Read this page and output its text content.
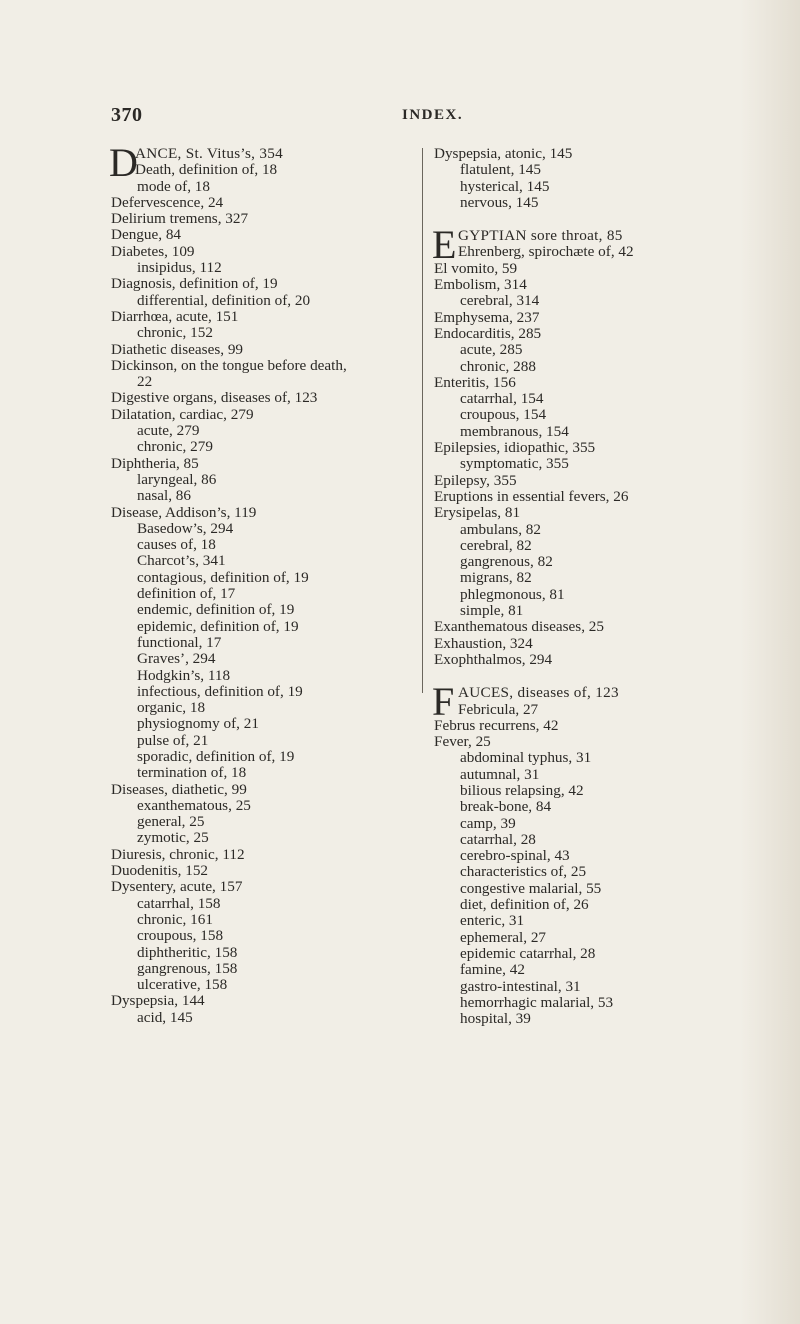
370	INDEX.
D
ANCE, St. Vitus’s, 354
Death, definition of, 18
mode of, 18
Defervescence, 24
Delirium tremens, 327
Dengue, 84
Diabetes, 109
insipidus, 112
Diagnosis, definition of, 19
differential, definition of, 20
Diarrhœa, acute, 151
chronic, 152
Diathetic diseases, 99
Dickinson, on the tongue before death,
22
Digestive organs, diseases of, 123
Dilatation, cardiac, 279
acute, 279
chronic, 279
Diphtheria, 85
laryngeal, 86
nasal, 86
Disease, Addison’s, 119
Basedow’s, 294
causes of, 18
Charcot’s, 341
contagious, definition of, 19
definition of, 17
endemic, definition of, 19
epidemic, definition of, 19
functional, 17
Graves’, 294
Hodgkin’s, 118
infectious, definition of, 19
organic, 18
physiognomy of, 21
pulse of, 21
sporadic, definition of, 19
termination of, 18
Diseases, diathetic, 99
exanthematous, 25
general, 25
zymotic, 25
Diuresis, chronic, 112
Duodenitis, 152
Dysentery, acute, 157
catarrhal, 158
chronic, 161
croupous, 158
diphtheritic, 158
gangrenous, 158
ulcerative, 158
Dyspepsia, 144
acid, 145
Dyspepsia, atonic, 145
flatulent, 145
hysterical, 145
nervous, 145
E GYPTIAN sore throat, 85
Ehrenberg, spirochæte of, 42
El vomito, 59
Embolism, 314
cerebral, 314
Emphysema, 237
Endocarditis, 285
acute, 285
chronic, 288
Enteritis, 156
catarrhal, 154
croupous, 154
membranous, 154
Epilepsies, idiopathic, 355
symptomatic, 355
Epilepsy, 355
Eruptions in essential fevers, 26
Erysipelas, 81
ambulans, 82
cerebral, 82
gangrenous, 82
migrans, 82
phlegmonous, 81
simple, 81
Exanthematous diseases, 25
Exhaustion, 324
Exophthalmos, 294
F AUCES, diseases of, 123
Febricula, 27
Februs recurrens, 42
Fever, 25
abdominal typhus, 31
autumnal, 31
bilious relapsing, 42
break-bone, 84
camp, 39
catarrhal, 28
cerebro-spinal, 43
characteristics of, 25
congestive malarial, 55
diet, definition of, 26
enteric, 31
ephemeral, 27
epidemic catarrhal, 28
famine, 42
gastro-intestinal, 31
hemorrhagic malarial, 53
hospital, 39
